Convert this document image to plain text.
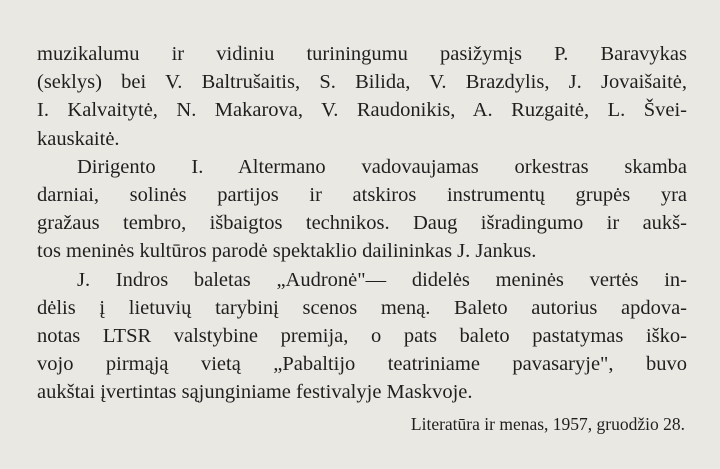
muzikalumu ir vidiniu turiningumu pasižymįs P. Baravykas

(seklys) bei V. Baltrušaitis, S. Bilida, V. Brazdylis, J. Jovaišaitė,

I. Kalvaitytė, N. Makarova, V. Raudonikis, A. Ruzgaitė, L. Švei-

kauskaitė.

Dirigento I. Altermano vadovaujamas orkestras skamba

darniai, solinės partijos ir atskiros instrumentų grupės yra

gražaus tembro, išbaigtos technikos. Daug išradingumo ir aukš-

tos meninės kultūros parodė spektaklio dailininkas J. Jankus.

J. Indros baletas „Audronė"— didelės meninės vertės in-

dėlis į lietuvių tarybinį scenos meną. Baleto autorius apdova-

notas LTSR valstybine premija, o pats baleto pastatymas iško-

vojo pirmąją vietą „Pabaltijo teatriniame pavasaryje", buvo

aukštai įvertintas sąjunginiame festivalyje Maskvoje.

Literatūra ir menas, 1957, gruodžio 28.
